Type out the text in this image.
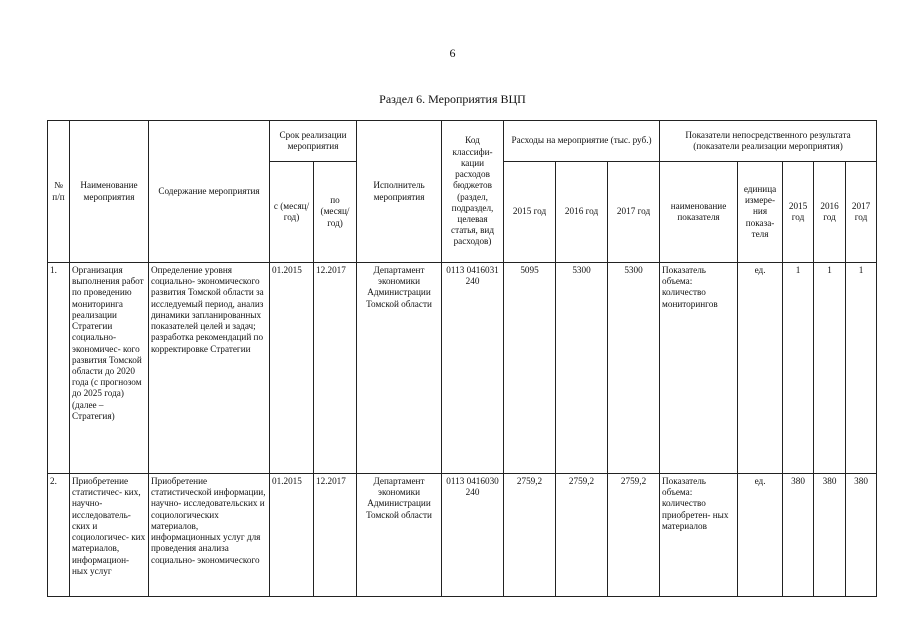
6
Раздел 6. Мероприятия ВЦП
№ п/п	Наименование мероприятия	Содержание мероприятия	Срок реализации мероприятия		Исполнитель мероприятия	Код классифи- кации расходов бюджетов (раздел, подраздел, целевая статья, вид расходов)	Расходы на мероприятие (тыс. руб.)			Показатели непосредственного результата (показатели реализации мероприятия)				
			с (месяц/ год)	по (месяц/ год)			2015 год	2016 год	2017 год	наименование показателя	единица измере- ния показа- теля	2015 год	2016 год	2017 год
1.	Организация выполнения работ по проведению мониторинга реализации Стратегии социально- экономичес- кого развития Томской области до 2020 года (с прогнозом до 2025 года) (далее – Стратегия)	Определение уровня социально- экономического развития Томской области за исследуемый период, анализ динамики запланированных показателей целей и задач; разработка рекомендаций по корректировке Стратегии	01.2015	12.2017	Департамент экономики Администрации Томской области	0113 0416031 240	5095	5300	5300	Показатель объема: количество мониторингов	ед.	1	1	1
2.	Приобретение статистичес- ких, научно- исследователь- ских и социологичес- ких материалов, информацион- ных услуг	Приобретение статистической информации, научно- исследовательских и социологических материалов, информационных услуг для проведения анализа социально- экономического	01.2015	12.2017	Департамент экономики Администрации Томской области	0113 0416030 240	2759,2	2759,2	2759,2	Показатель объема: количество приобретен- ных материалов	ед.	380	380	380
